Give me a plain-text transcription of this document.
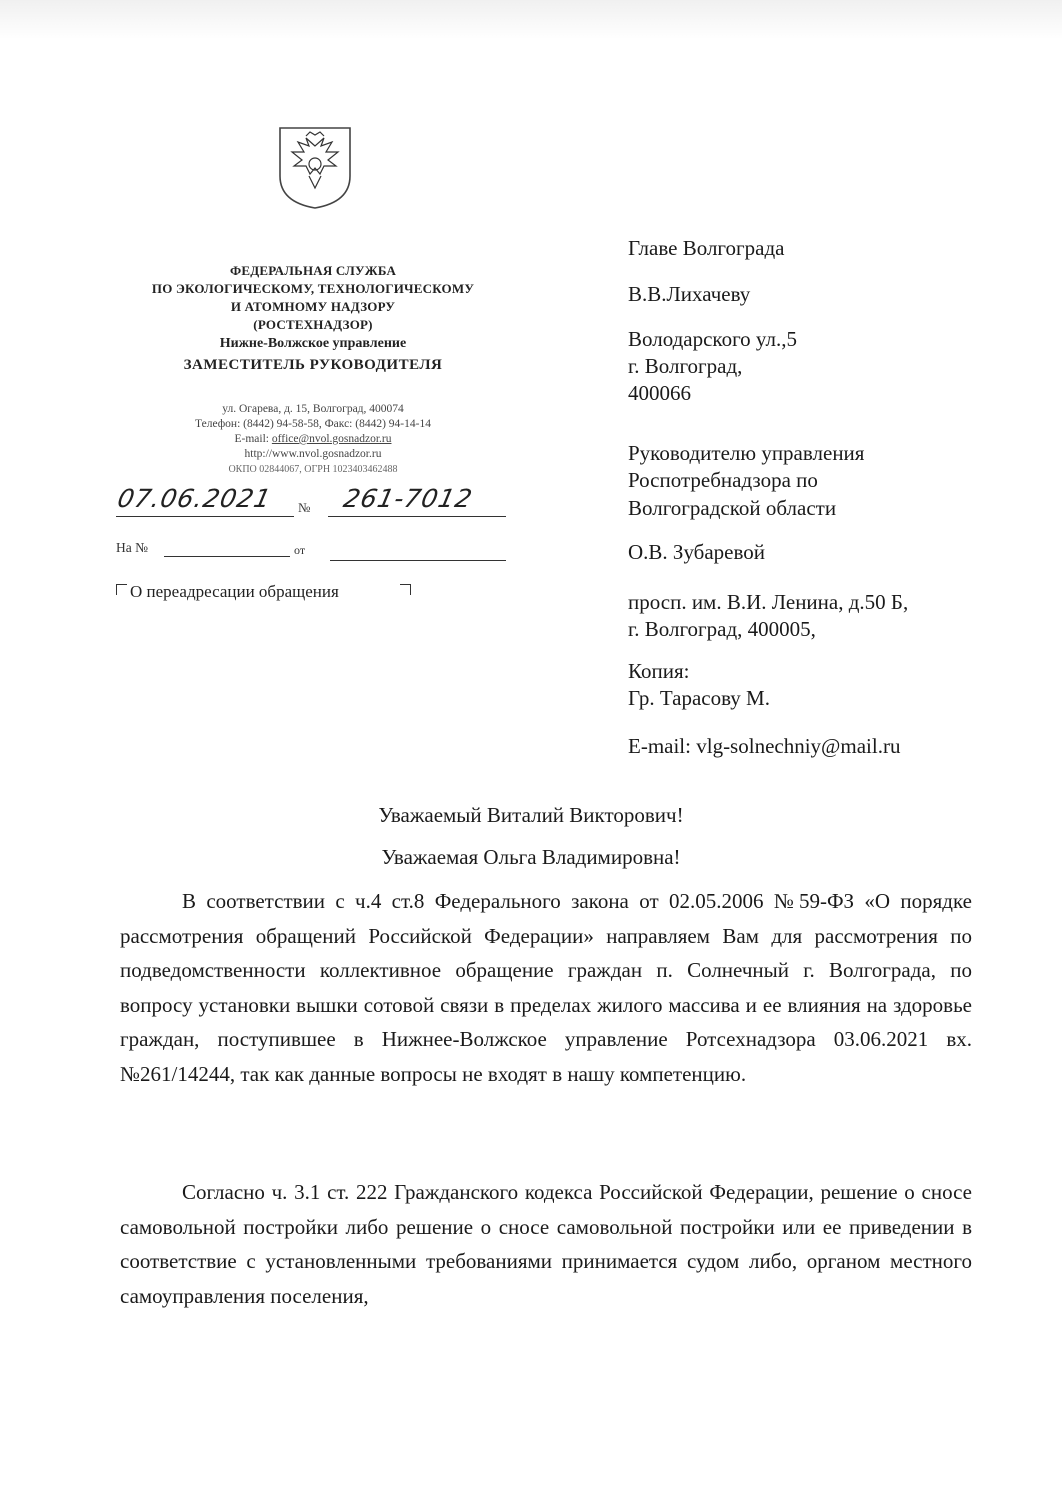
ФЕДЕРАЛЬНАЯ СЛУЖБА
ПО ЭКОЛОГИЧЕСКОМУ, ТЕХНОЛОГИЧЕСКОМУ
И АТОМНОМУ НАДЗОРУ
(РОСТЕХНАДЗОР)
Нижне-Волжское управление
ЗАМЕСТИТЕЛЬ РУКОВОДИТЕЛЯ
ул. Огарева, д. 15, Волгоград, 400074
Телефон: (8442) 94-58-58, Факс: (8442) 94-14-14
E-mail: office@nvol.gosnadzor.ru
http://www.nvol.gosnadzor.ru
ОКПО 02844067, ОГРН 1023403462488
07.06.2021 № 261-7012
На №	от
О переадресации обращения
Главе Волгограда
В.В.Лихачеву
Володарского ул.,5
г. Волгоград,
400066
Руководителю управления
Роспотребнадзора по
Волгоградской области
О.В. Зубаревой
просп. им. В.И. Ленина, д.50 Б,
г. Волгоград, 400005,
Копия:
Гр. Тарасову М.
E-mail: vlg-solnechniy@mail.ru
Уважаемый Виталий Викторович!
Уважаемая Ольга Владимировна!
В соответствии с ч.4 ст.8 Федерального закона от 02.05.2006 №59-ФЗ «О порядке рассмотрения обращений Российской Федерации» направляем Вам для рассмотрения по подведомственности коллективное обращение граждан п. Солнечный г. Волгограда, по вопросу установки вышки сотовой связи в пределах жилого массива и ее влияния на здоровье граждан, поступившее в Нижнее-Волжское управление Ротсехнадзора 03.06.2021 вх.№261/14244, так как данные вопросы не входят в нашу компетенцию.
Согласно ч. 3.1 ст. 222 Гражданского кодекса Российской Федерации, решение о сносе самовольной постройки либо решение о сносе самовольной постройки или ее приведении в соответствие с установленными требованиями принимается судом либо, органом местного самоуправления поселения,
